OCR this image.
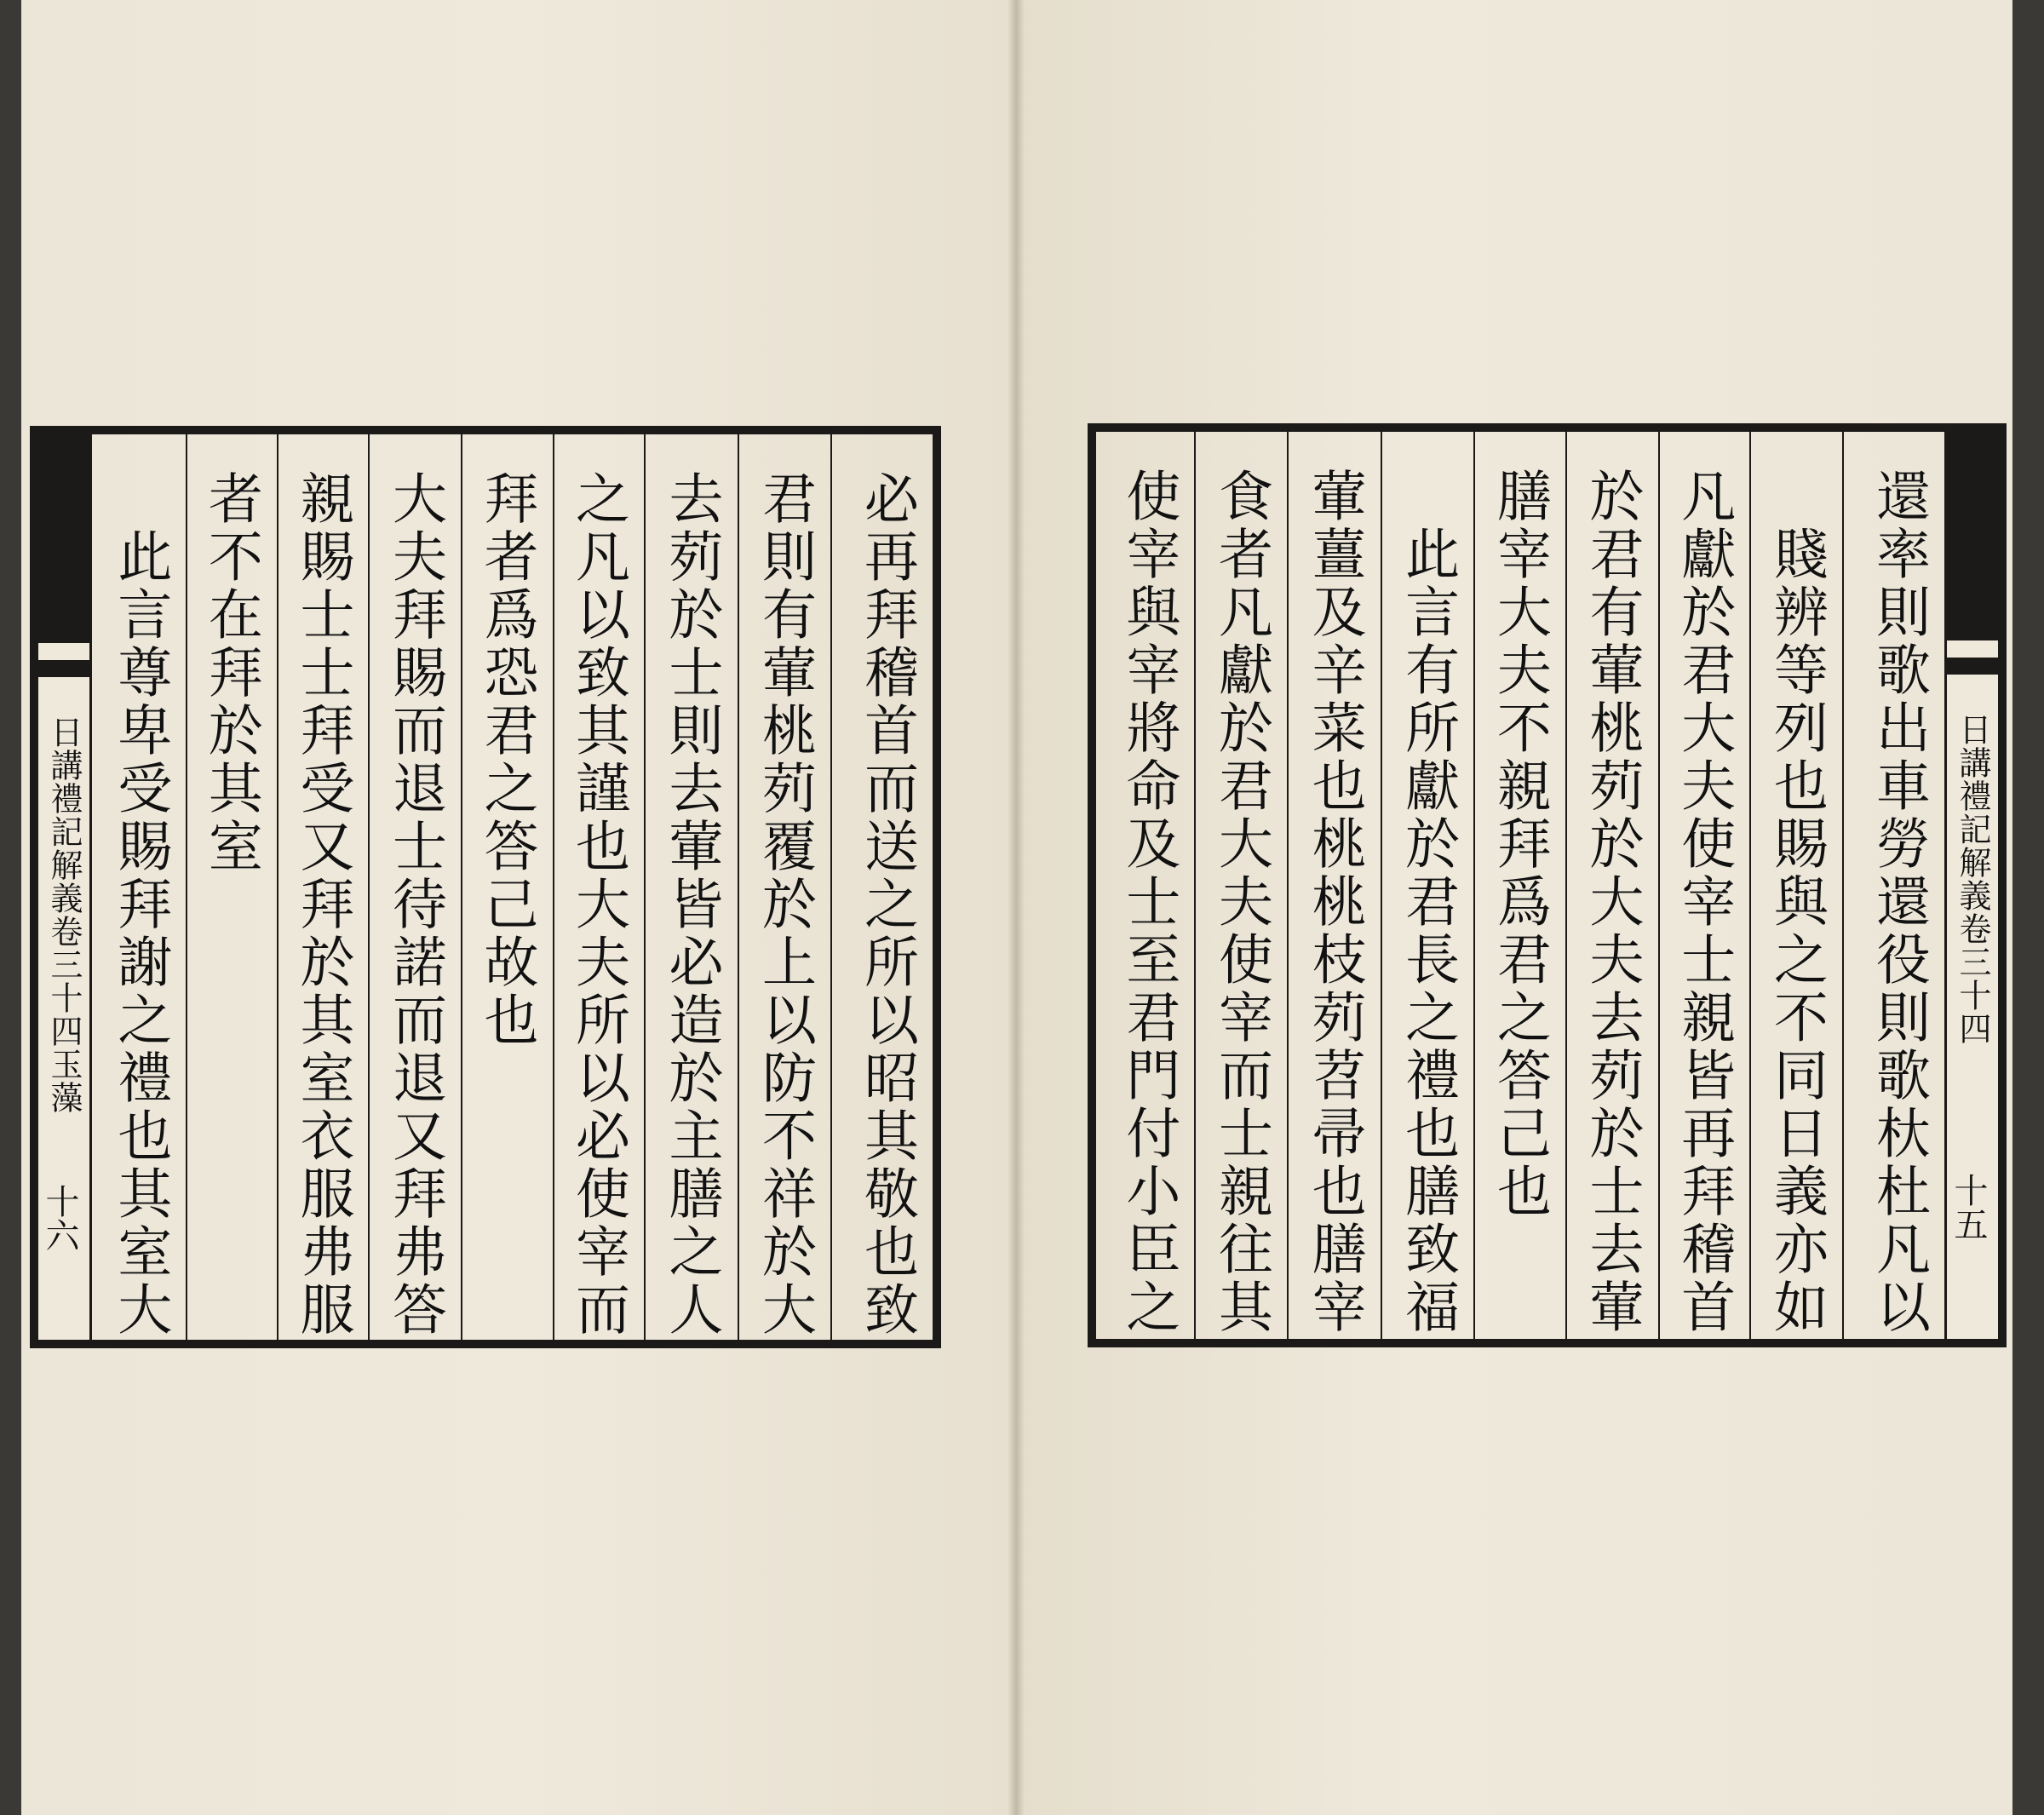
日講禮記解義卷三十四玉藻
十六
必再拜稽首而送之所以昭其敬也致
君則有葷桃茢覆於上以防不祥於大
去茢於士則去葷皆必造於主膳之人
之凡以致其謹也大夫所以必使宰而
拜者爲恐君之答己故也
大夫拜賜而退士待諾而退又拜弗答
親賜士士拜受又拜於其室衣服弗服
者不在拜於其室
此言尊卑受賜拜謝之禮也其室大
還率則歌出車勞還役則歌杕杜凡以
賤辨等列也賜與之不同日義亦如
凡獻於君大夫使宰士親皆再拜稽首
於君有葷桃茢於大夫去茢於士去葷
膳宰大夫不親拜爲君之答己也
此言有所獻於君長之禮也膳致福
葷薑及辛菜也桃桃枝茢苕帚也膳宰
食者凡獻於君大夫使宰而士親往其
使宰與宰將命及士至君門付小臣之
日講禮記解義卷三十四
十五
